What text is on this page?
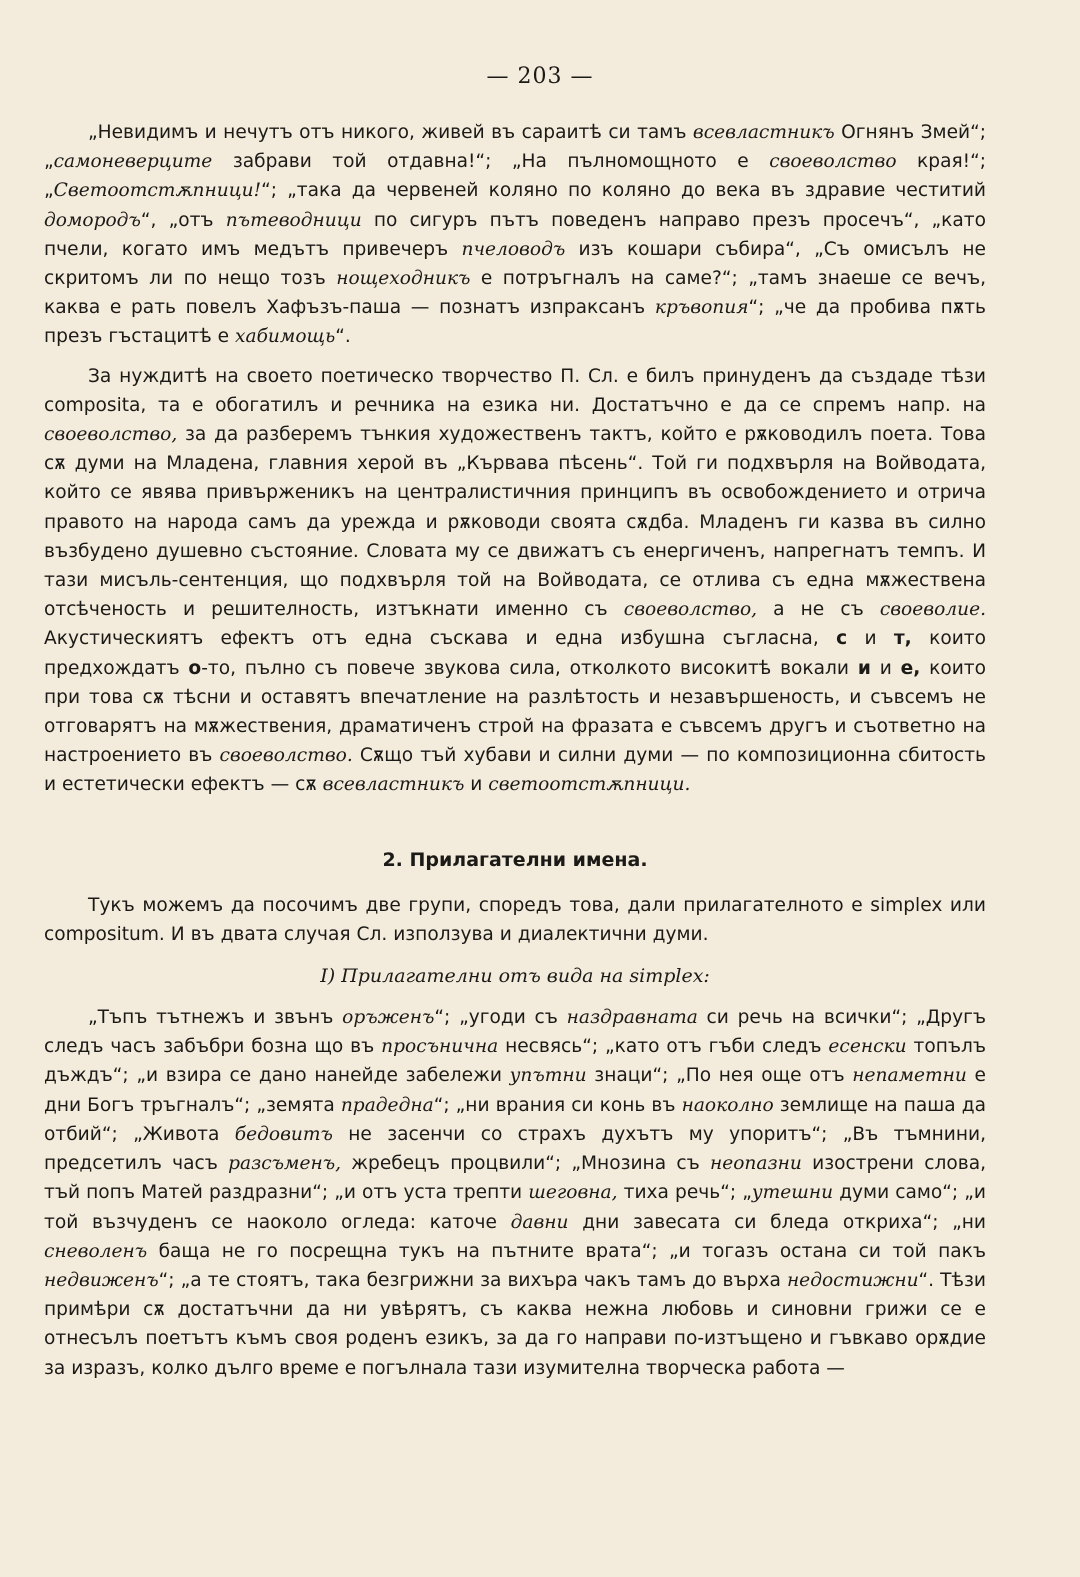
— 203 —

„Невидимъ и нечутъ отъ никого, живей въ сараитѣ си тамъ всевластникъ Огнянъ Змей“; „самоневерците забрави той отдавна!“; „На пълномощното е своеволство края!“; „Светоотстѫпници!“; „така да червеней коляно по коляно до века въ здравие честитий домородъ“, „отъ пътеводници по сигуръ пътъ поведенъ направо презъ просечъ“, „като пчели, когато имъ медътъ привечеръ пчеловодъ изъ кошари събира“, „Съ омисълъ не скритомъ ли по нещо тозъ нощеходникъ е потръгналъ на саме?“; „тамъ знаеше се вечъ, каква е рать повелъ Хафъзъ-паша — познатъ изпраксанъ кръвопия“; „че да пробива пѫть презъ гъстацитѣ е хабимощь“.

За нуждитѣ на своето поетическо творчество П. Сл. е билъ принуденъ да създаде тѣзи composita, та е обогатилъ и речника на езика ни. Достатъчно е да се спремъ напр. на своеволство, за да разберемъ тънкия художественъ тактъ, който е рѫководилъ поета. Това сѫ думи на Младена, главния херой въ „Кървава пѣсень“. Той ги подхвърля на Войводата, който се явява привърженикъ на централистичния принципъ въ освобождението и отрича правото на народа самъ да урежда и рѫководи своята сѫдба. Младенъ ги казва въ силно възбудено душевно състояние. Словата му се движатъ съ енергиченъ, напрегнатъ темпъ. И тази мисъль-сентенция, що подхвърля той на Войводата, се отлива съ една мѫжествена отсѣченость и решителность, изтъкнати именно съ своеволство, а не съ своеволие. Акустическиятъ ефектъ отъ една съскава и една избушна съгласна, с и т, които предхождатъ о-то, пълно съ повече звукова сила, отколкото високитѣ вокали и и е, които при това сѫ тѣсни и оставятъ впечатление на разлѣтость и незавършеность, и съвсемъ не отговарятъ на мѫжествения, драматиченъ строй на фразата е съвсемъ другъ и съответно на настроението въ своеволство. Сѫщо тъй хубави и силни думи — по композиционна сбитость и естетически ефектъ — сѫ всевластникъ и светоотстѫпници.

2. Прилагателни имена.

Тукъ можемъ да посочимъ две групи, споредъ това, дали прилагателното е simplex или compositum. И въ двата случая Сл. използува и диалектични думи.

I) Прилагателни отъ вида на simplex:

„Тъпъ тътнежъ и звънъ оръженъ“; „угоди съ наздравната си речь на всички“; „Другъ следъ часъ забъбри бозна що въ просънична несвясь“; „като отъ гъби следъ есенски топълъ дъждъ“; „и взира се дано нанейде забележи упътни знаци“; „По нея още отъ непаметни е дни Богъ тръгналъ“; „земята прадедна“; „ни врания си конь въ наоколно землище на паша да отбий“; „Живота бедовитъ не засенчи со страхъ духътъ му упоритъ“; „Въ тъмнини, предсетилъ часъ разсъменъ, жребецъ процвили“; „Мнозина съ неопазни изострени слова, тъй попъ Матей раздразни“; „и отъ уста трепти шеговна, тиха речь“; „утешни думи само“; „и той възчуденъ се наоколо огледа: каточе давни дни завесата си бледа открихa“; „ни сневоленъ баща не го посрещна тукъ на пътните врата“; „и тогазъ остана си той пакъ недвиженъ“; „а те стоятъ, така безгрижни за вихъра чакъ тамъ до върха недостижни“. Тѣзи примѣри сѫ достатъчни да ни увѣрятъ, съ каква нежна любовь и синовни грижи се е отнесълъ поетътъ къмъ своя роденъ езикъ, за да го направи по-изтъщено и гъвкаво орѫдие за изразъ, колко дълго време е погълнала тази изумителна творческа работа —
